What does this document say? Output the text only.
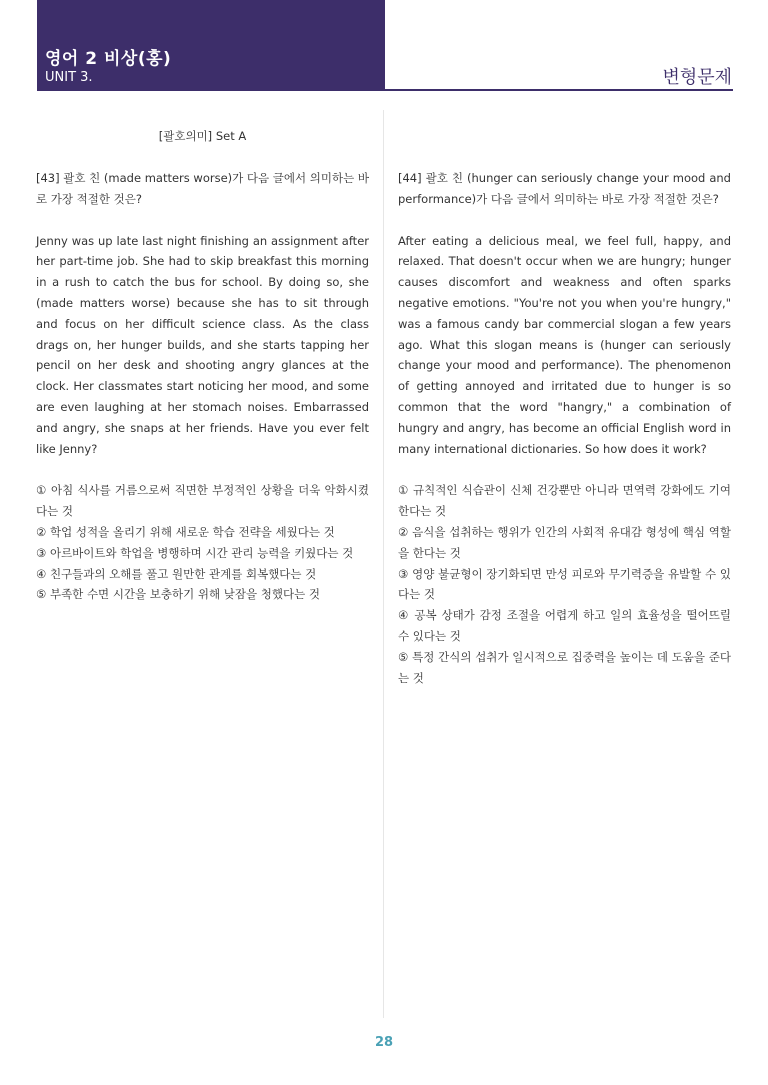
영어 2 비상(홍)
UNIT 3.	변형문제
[괄호의미] Set A

[43] 괄호 친 (made matters worse)가 다음 글에서 의미하는 바로 가장 적절한 것은?

Jenny was up late last night finishing an assignment after her part-time job. She had to skip breakfast this morning in a rush to catch the bus for school. By doing so, she (made matters worse) because she has to sit through and focus on her difficult science class. As the class drags on, her hunger builds, and she starts tapping her pencil on her desk and shooting angry glances at the clock. Her classmates start noticing her mood, and some are even laughing at her stomach noises. Embarrassed and angry, she snaps at her friends. Have you ever felt like Jenny?

① 아침 식사를 거름으로써 직면한 부정적인 상황을 더욱 악화시켰다는 것
② 학업 성적을 올리기 위해 새로운 학습 전략을 세웠다는 것
③ 아르바이트와 학업을 병행하며 시간 관리 능력을 키웠다는 것
④ 친구들과의 오해를 풀고 원만한 관계를 회복했다는 것
⑤ 부족한 수면 시간을 보충하기 위해 낮잠을 청했다는 것

[44] 괄호 친 (hunger can seriously change your mood and performance)가 다음 글에서 의미하는 바로 가장 적절한 것은?

After eating a delicious meal, we feel full, happy, and relaxed. That doesn't occur when we are hungry; hunger causes discomfort and weakness and often sparks negative emotions. "You're not you when you're hungry," was a famous candy bar commercial slogan a few years ago. What this slogan means is (hunger can seriously change your mood and performance). The phenomenon of getting annoyed and irritated due to hunger is so common that the word "hangry," a combination of hungry and angry, has become an official English word in many international dictionaries. So how does it work?

① 규칙적인 식습관이 신체 건강뿐만 아니라 면역력 강화에도 기여한다는 것
② 음식을 섭취하는 행위가 인간의 사회적 유대감 형성에 핵심 역할을 한다는 것
③ 영양 불균형이 장기화되면 만성 피로와 무기력증을 유발할 수 있다는 것
④ 공복 상태가 감정 조절을 어렵게 하고 일의 효율성을 떨어뜨릴 수 있다는 것
⑤ 특정 간식의 섭취가 일시적으로 집중력을 높이는 데 도움을 준다는 것
28
